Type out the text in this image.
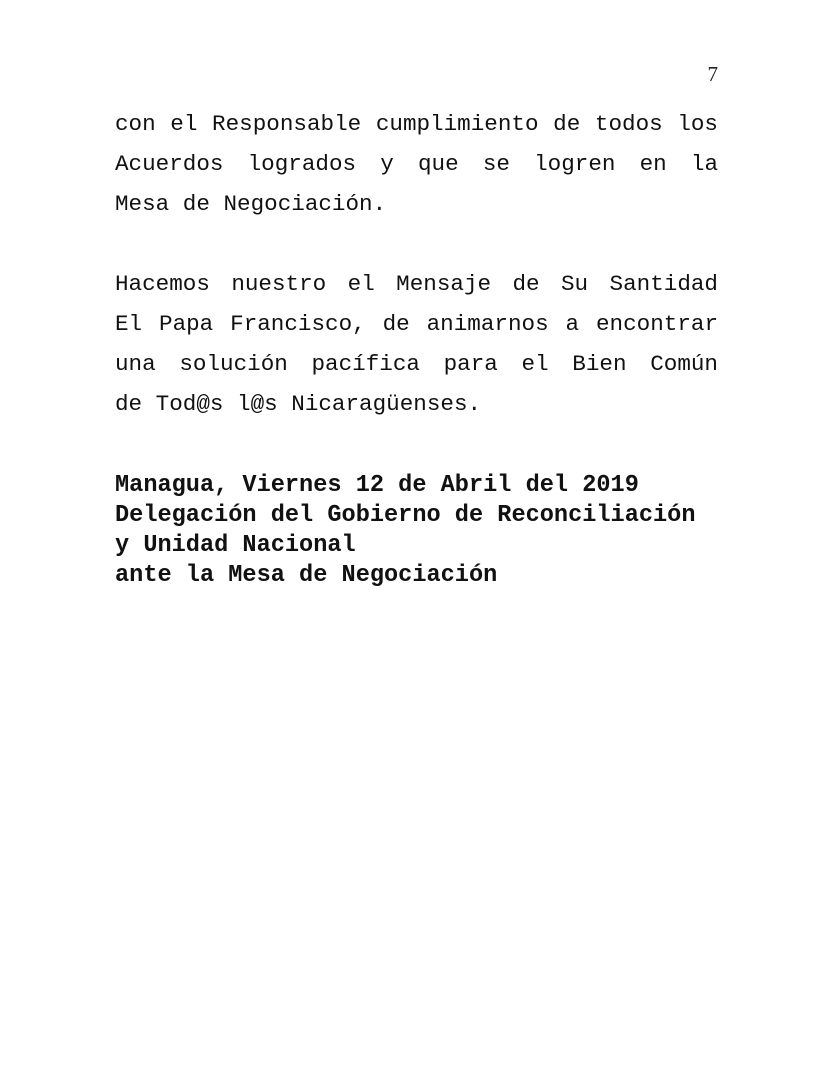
7
con el Responsable cumplimiento de todos los
Acuerdos logrados y que se logren en la
Mesa de Negociación.
Hacemos nuestro el Mensaje de Su Santidad
El Papa Francisco, de animarnos a encontrar
una solución pacífica para el Bien Común
de Tod@s l@s Nicaragüenses.
Managua, Viernes 12 de Abril del 2019
Delegación del Gobierno de Reconciliación
y Unidad Nacional
ante la Mesa de Negociación
